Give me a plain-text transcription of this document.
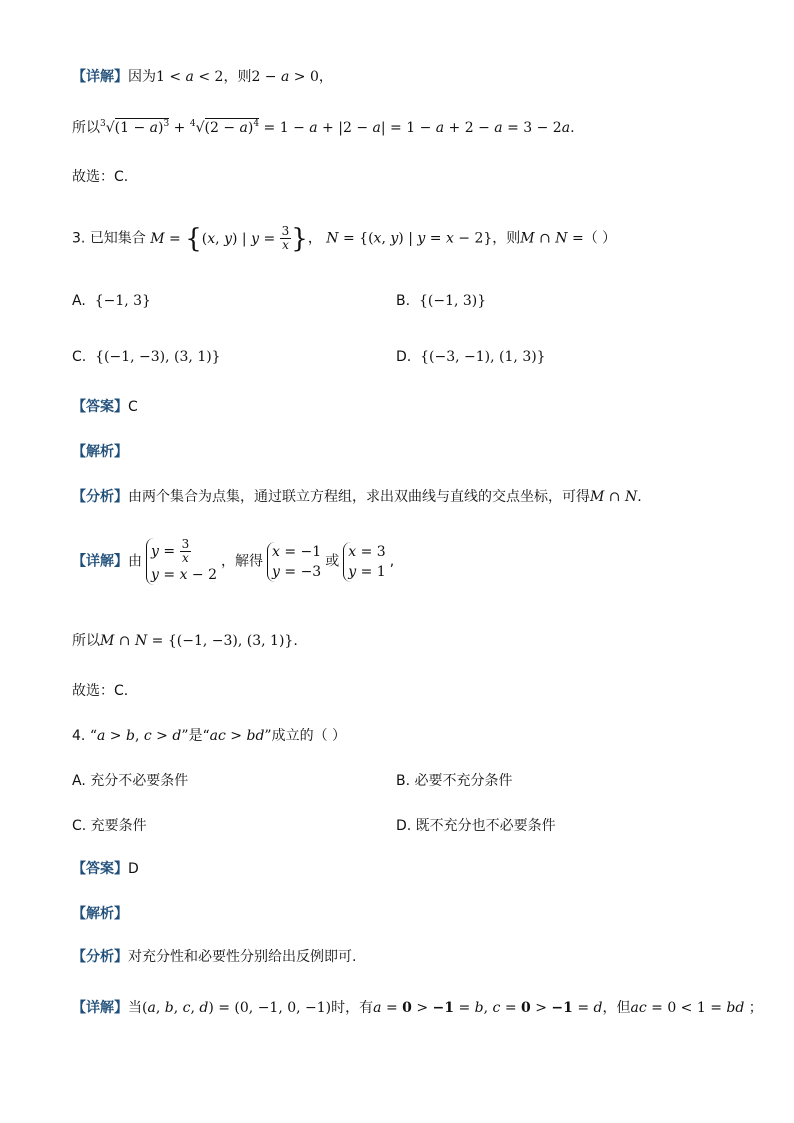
【详解】因为1 < a < 2，则2 − a > 0，
所以$^3√(1 - a)^3 + ^4√(2 - a)^4 = 1 - a + |2 - a| = 1 - a + 2 - a = 3 - 2a$.
故选：C.
3. 已知集合 M = {(x, y) | $y = \frac{3}{x}$ }， N = {(x, y) | y = x − 2}，则M ∩ N =（ ）
A. {−1, 3}	B. {(−1, 3)}
C. {(−1, −3), (3, 1)}	D. {(−3, −1), (1, 3)}
【答案】C
【解析】
【分析】由两个集合为点集，通过联立方程组，求出双曲线与直线的交点坐标，可得M ∩ N.
【详解】由
$y = \frac{3}{x}$
y = x − 2
，解得
x = −1
y = −3
或
x = 3
y = 1
,
所以M ∩ N = {(−1, −3), (3, 1)}.
故选：C.
4. “a > b, c > d”是“ac > bd”成立的（ ）
A. 充分不必要条件	B. 必要不充分条件
C. 充要条件	D. 既不充分也不必要条件
【答案】D
【解析】
【分析】对充分性和必要性分别给出反例即可.
【详解】当(a, b, c, d) = (0, −1, 0, −1)时，有a = 0 > −1 = b, c = 0 > −1 = d，但ac = 0 < 1 = bd ；
